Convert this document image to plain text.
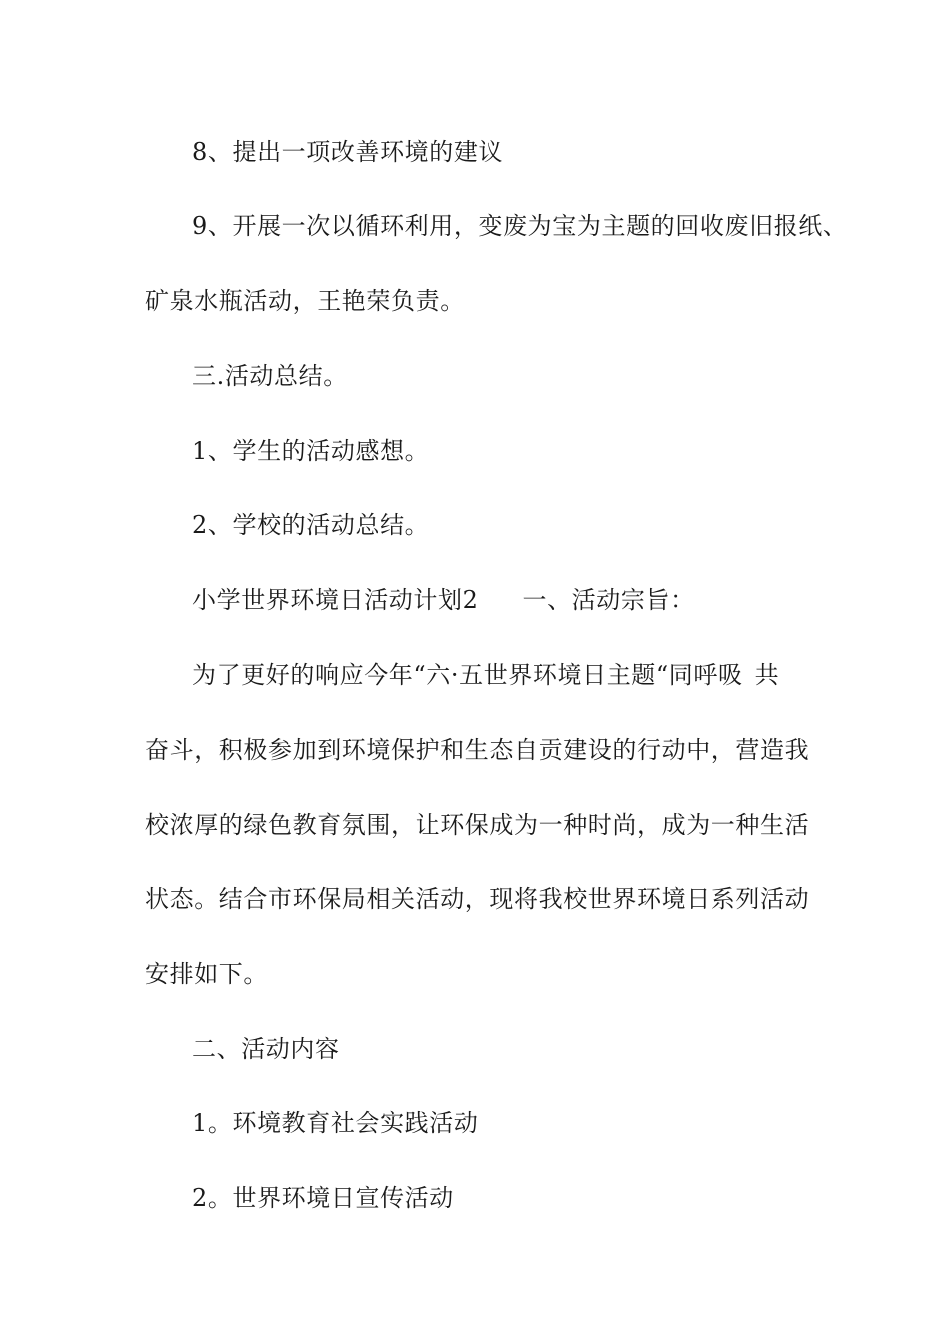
8、提出一项改善环境的建议
9、开展一次以循环利用，变废为宝为主题的回收废旧报纸、
矿泉水瓶活动，王艳荣负责。
三.活动总结。
1、学生的活动感想。
2、学校的活动总结。
小学世界环境日活动计划2 一、活动宗旨：
为了更好的响应今年“六·五世界环境日主题“同呼吸 共
奋斗，积极参加到环境保护和生态自贡建设的行动中，营造我
校浓厚的绿色教育氛围，让环保成为一种时尚，成为一种生活
状态。结合市环保局相关活动，现将我校世界环境日系列活动
安排如下。
二、活动内容
1。环境教育社会实践活动
2。世界环境日宣传活动
